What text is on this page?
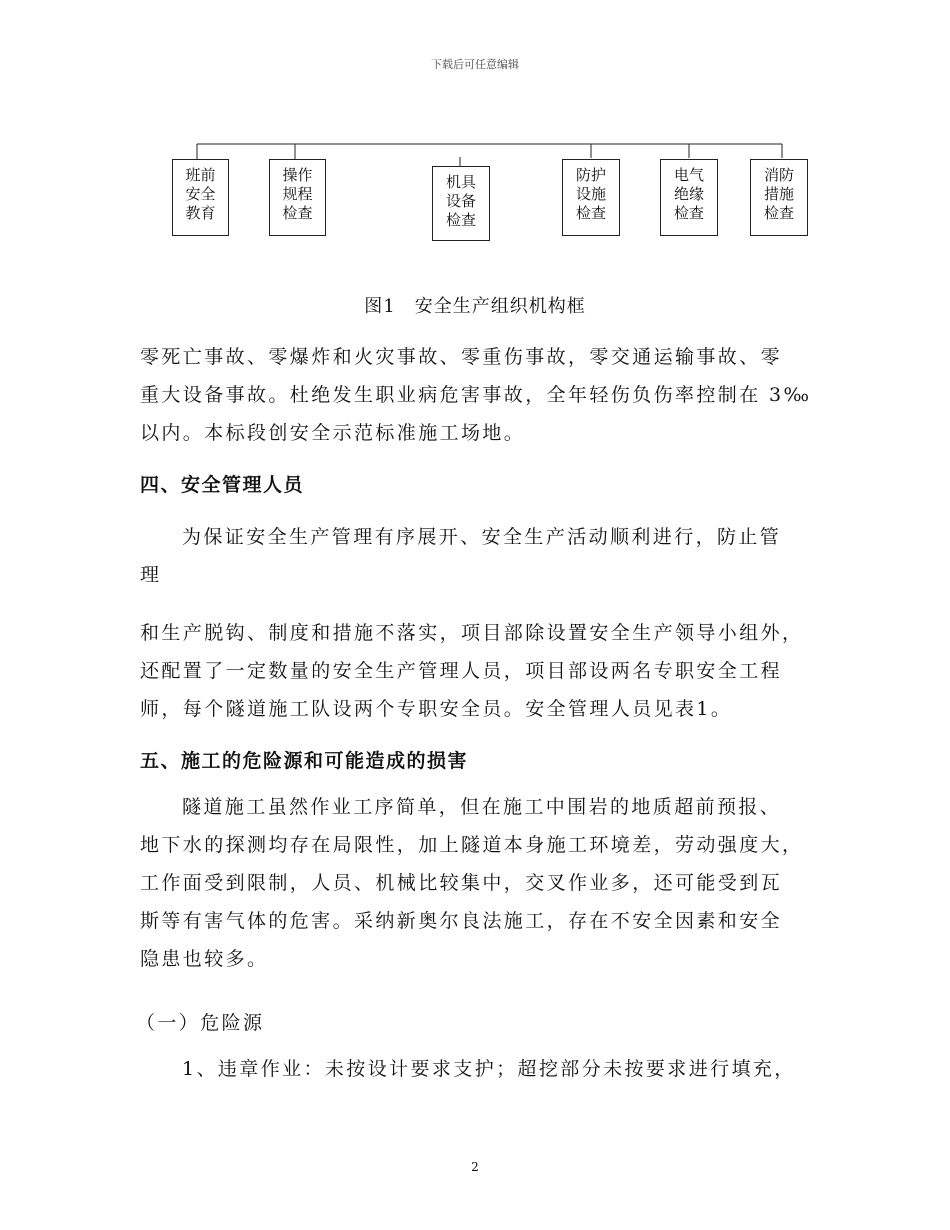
下载后可任意编辑
班前
安全
教育
操作
规程
检查
机具
设备
检查
防护
设施
检查
电气
绝缘
检查
消防
措施
检查
图1　安全生产组织机构框
零死亡事故、零爆炸和火灾事故、零重伤事故，零交通运输事故、零
重大设备事故。杜绝发生职业病危害事故，全年轻伤负伤率控制在 3‰
以内。本标段创安全示范标准施工场地。
四、安全管理人员
为保证安全生产管理有序展开、安全生产活动顺利进行，防止管
理
和生产脱钩、制度和措施不落实，项目部除设置安全生产领导小组外，
还配置了一定数量的安全生产管理人员，项目部设两名专职安全工程
师，每个隧道施工队设两个专职安全员。安全管理人员见表1。
五、施工的危险源和可能造成的损害
隧道施工虽然作业工序简单，但在施工中围岩的地质超前预报、
地下水的探测均存在局限性，加上隧道本身施工环境差，劳动强度大，
工作面受到限制，人员、机械比较集中，交叉作业多，还可能受到瓦
斯等有害气体的危害。采纳新奥尔良法施工，存在不安全因素和安全
隐患也较多。
（一）危险源
1、违章作业：未按设计要求支护；超挖部分未按要求进行填充，
2
